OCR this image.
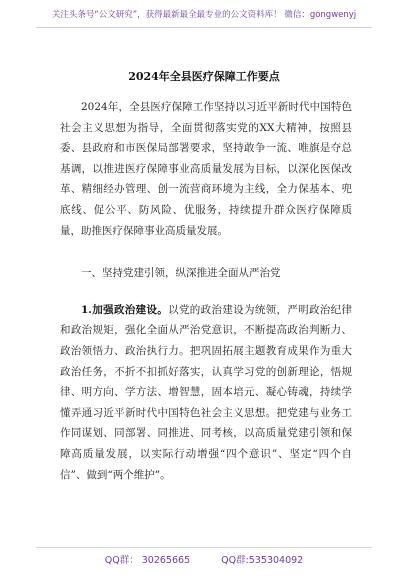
关注头条号“公文研究”，获得最新最全最专业的公文资料库！ 微信：gongwenyj
2024年全县医疗保障工作要点

2024年，全县医疗保障工作坚持以习近平新时代中国特色社会主义思想为指导，全面贯彻落实党的XX大精神，按照县委、县政府和市医保局部署要求，坚持敢争一流、唯旗是夺总基调，以推进医疗保障事业高质量发展为目标，以深化医保改革、精细经办管理、创一流营商环境为主线，全力保基本、兜底线、促公平、防风险、优服务，持续提升群众医疗保障质量，助推医疗保障事业高质量发展。

一、坚持党建引领，纵深推进全面从严治党

1.加强政治建设。以党的政治建设为统领，严明政治纪律和政治规矩，强化全面从严治党意识，不断提高政治判断力、政治领悟力、政治执行力。把巩固拓展主题教育成果作为重大政治任务，不折不扣抓好落实，认真学习党的创新理论，悟规律、明方向、学方法、增智慧，固本培元、凝心铸魂，持续学懂弄通习近平新时代中国特色社会主义思想。把党建与业务工作同谋划、同部署、同推进、同考核，以高质量党建引领和保障高质量发展，以实际行动增强“四个意识”、坚定“四个自信”、做到“两个维护”。

QQ群： 30265665	QQ群:535304092
